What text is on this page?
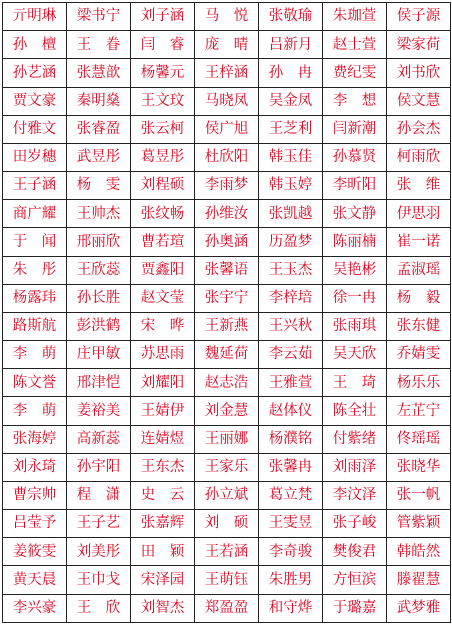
亓明琳	梁书宁	刘子涵	马　悦	张敬瑜	朱珈萱	侯子源
孙　檀	王　眷	闫　睿	庞　晴	吕新月	赵士萱	梁家荷
孙艺涵	张慧歆	杨馨元	王梓涵	孙　冉	费纪雯	刘书欣
贾文豪	秦明燊	王文玟	马晓凤	吴金凤	李　想	侯文慧
付雅文	张睿盈	张云柯	侯广旭	王芝利	闫新潮	孙会杰
田岁穗	武昱彤	葛昱彤	杜欣阳	韩玉佳	孙慕贤	柯雨欣
王子涵	杨　雯	刘程硕	李雨梦	韩玉婷	李昕阳	张　维
商广耀	王帅杰	张纹畅	孙维汝	张凯越	张文静	伊思羽
于　闻	邢丽欣	曹若瑄	孙奥涵	历盈梦	陈丽楠	崔一诺
朱　彤	王欣蕊	贾鑫阳	张馨语	王玉杰	吴艳彬	孟淑瑶
杨露玮	孙长胜	赵文莹	张宇宁	李梓培	徐一冉	杨　毅
路斯航	彭洪鹤	宋　晔	王新燕	王兴秋	张雨琪	张东健
李　萌	庄甲敏	苏思雨	魏延荷	李云茹	吴天欣	乔婧雯
陈文誉	邢津恺	刘耀阳	赵志浩	王雅萱	王　琦	杨乐乐
李　萌	姜裕美	王婧伊	刘金慧	赵体仪	陈全壮	左芷宁
张海婷	高新蕊	连婧煜	王丽娜	杨濮铭	付紫绪	佟瑶瑶
刘永琦	孙宇阳	王东杰	王家乐	张馨冉	刘雨泽	张晓华
曹宗帅	程　潇	史　云	孙立斌	葛立梵	李汶泽	张一帆
吕莹予	王子艺	张嘉辉	刘　硕	王雯昱	张子峻	管紫颖
姜筱雯	刘美彤	田　颖	王若涵	李奇骏	樊俊君	韩皓然
黄天晨	王巾戈	宋泽园	王萌钰	朱胜男	方恒滨	滕翟慧
李兴豪	王　欣	刘智杰	郑盈盈	和守烨	于璐嘉	武梦雅
